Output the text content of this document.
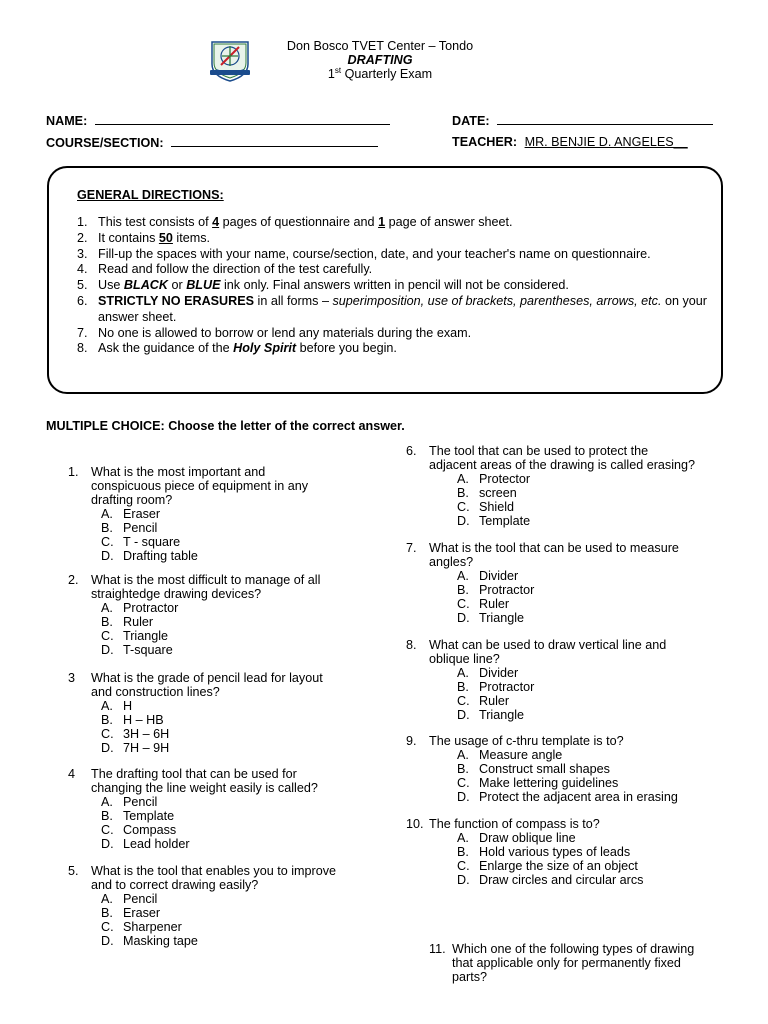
Don Bosco TVET Center – Tondo
DRAFTING
1st Quarterly Exam
NAME:	DATE:
COURSE/SECTION:	TEACHER: MR. BENJIE D. ANGELES__
GENERAL DIRECTIONS:
1. This test consists of 4 pages of questionnaire and 1 page of answer sheet.
2. It contains 50 items.
3. Fill-up the spaces with your name, course/section, date, and your teacher's name on questionnaire.
4. Read and follow the direction of the test carefully.
5. Use BLACK or BLUE ink only. Final answers written in pencil will not be considered.
6. STRICTLY NO ERASURES in all forms – superimposition, use of brackets, parentheses, arrows, etc. on your answer sheet.
7. No one is allowed to borrow or lend any materials during the exam.
8. Ask the guidance of the Holy Spirit before you begin.
MULTIPLE CHOICE: Choose the letter of the correct answer.
1. What is the most important and
conspicuous piece of equipment in any
drafting room?
A. Eraser
B. Pencil
C. T - square
D. Drafting table
2. What is the most difficult to manage of all
straightedge drawing devices?
A. Protractor
B. Ruler
C. Triangle
D. T-square
3 What is the grade of pencil lead for layout
and construction lines?
A. H
B. H – HB
C. 3H – 6H
D. 7H – 9H
4 The drafting tool that can be used for
changing the line weight easily is called?
A. Pencil
B. Template
C. Compass
D. Lead holder
5. What is the tool that enables you to improve
and to correct drawing easily?
A. Pencil
B. Eraser
C. Sharpener
D. Masking tape
6. The tool that can be used to protect the
adjacent areas of the drawing is called erasing?
A. Protector
B. screen
C. Shield
D. Template
7. What is the tool that can be used to measure
angles?
A. Divider
B. Protractor
C. Ruler
D. Triangle
8. What can be used to draw vertical line and
oblique line?
A. Divider
B. Protractor
C. Ruler
D. Triangle
9. The usage of c-thru template is to?
A. Measure angle
B. Construct small shapes
C. Make lettering guidelines
D. Protect the adjacent area in erasing
10. The function of compass is to?
A. Draw oblique line
B. Hold various types of leads
C. Enlarge the size of an object
D. Draw circles and circular arcs
11. Which one of the following types of drawing
that applicable only for permanently fixed
parts?
